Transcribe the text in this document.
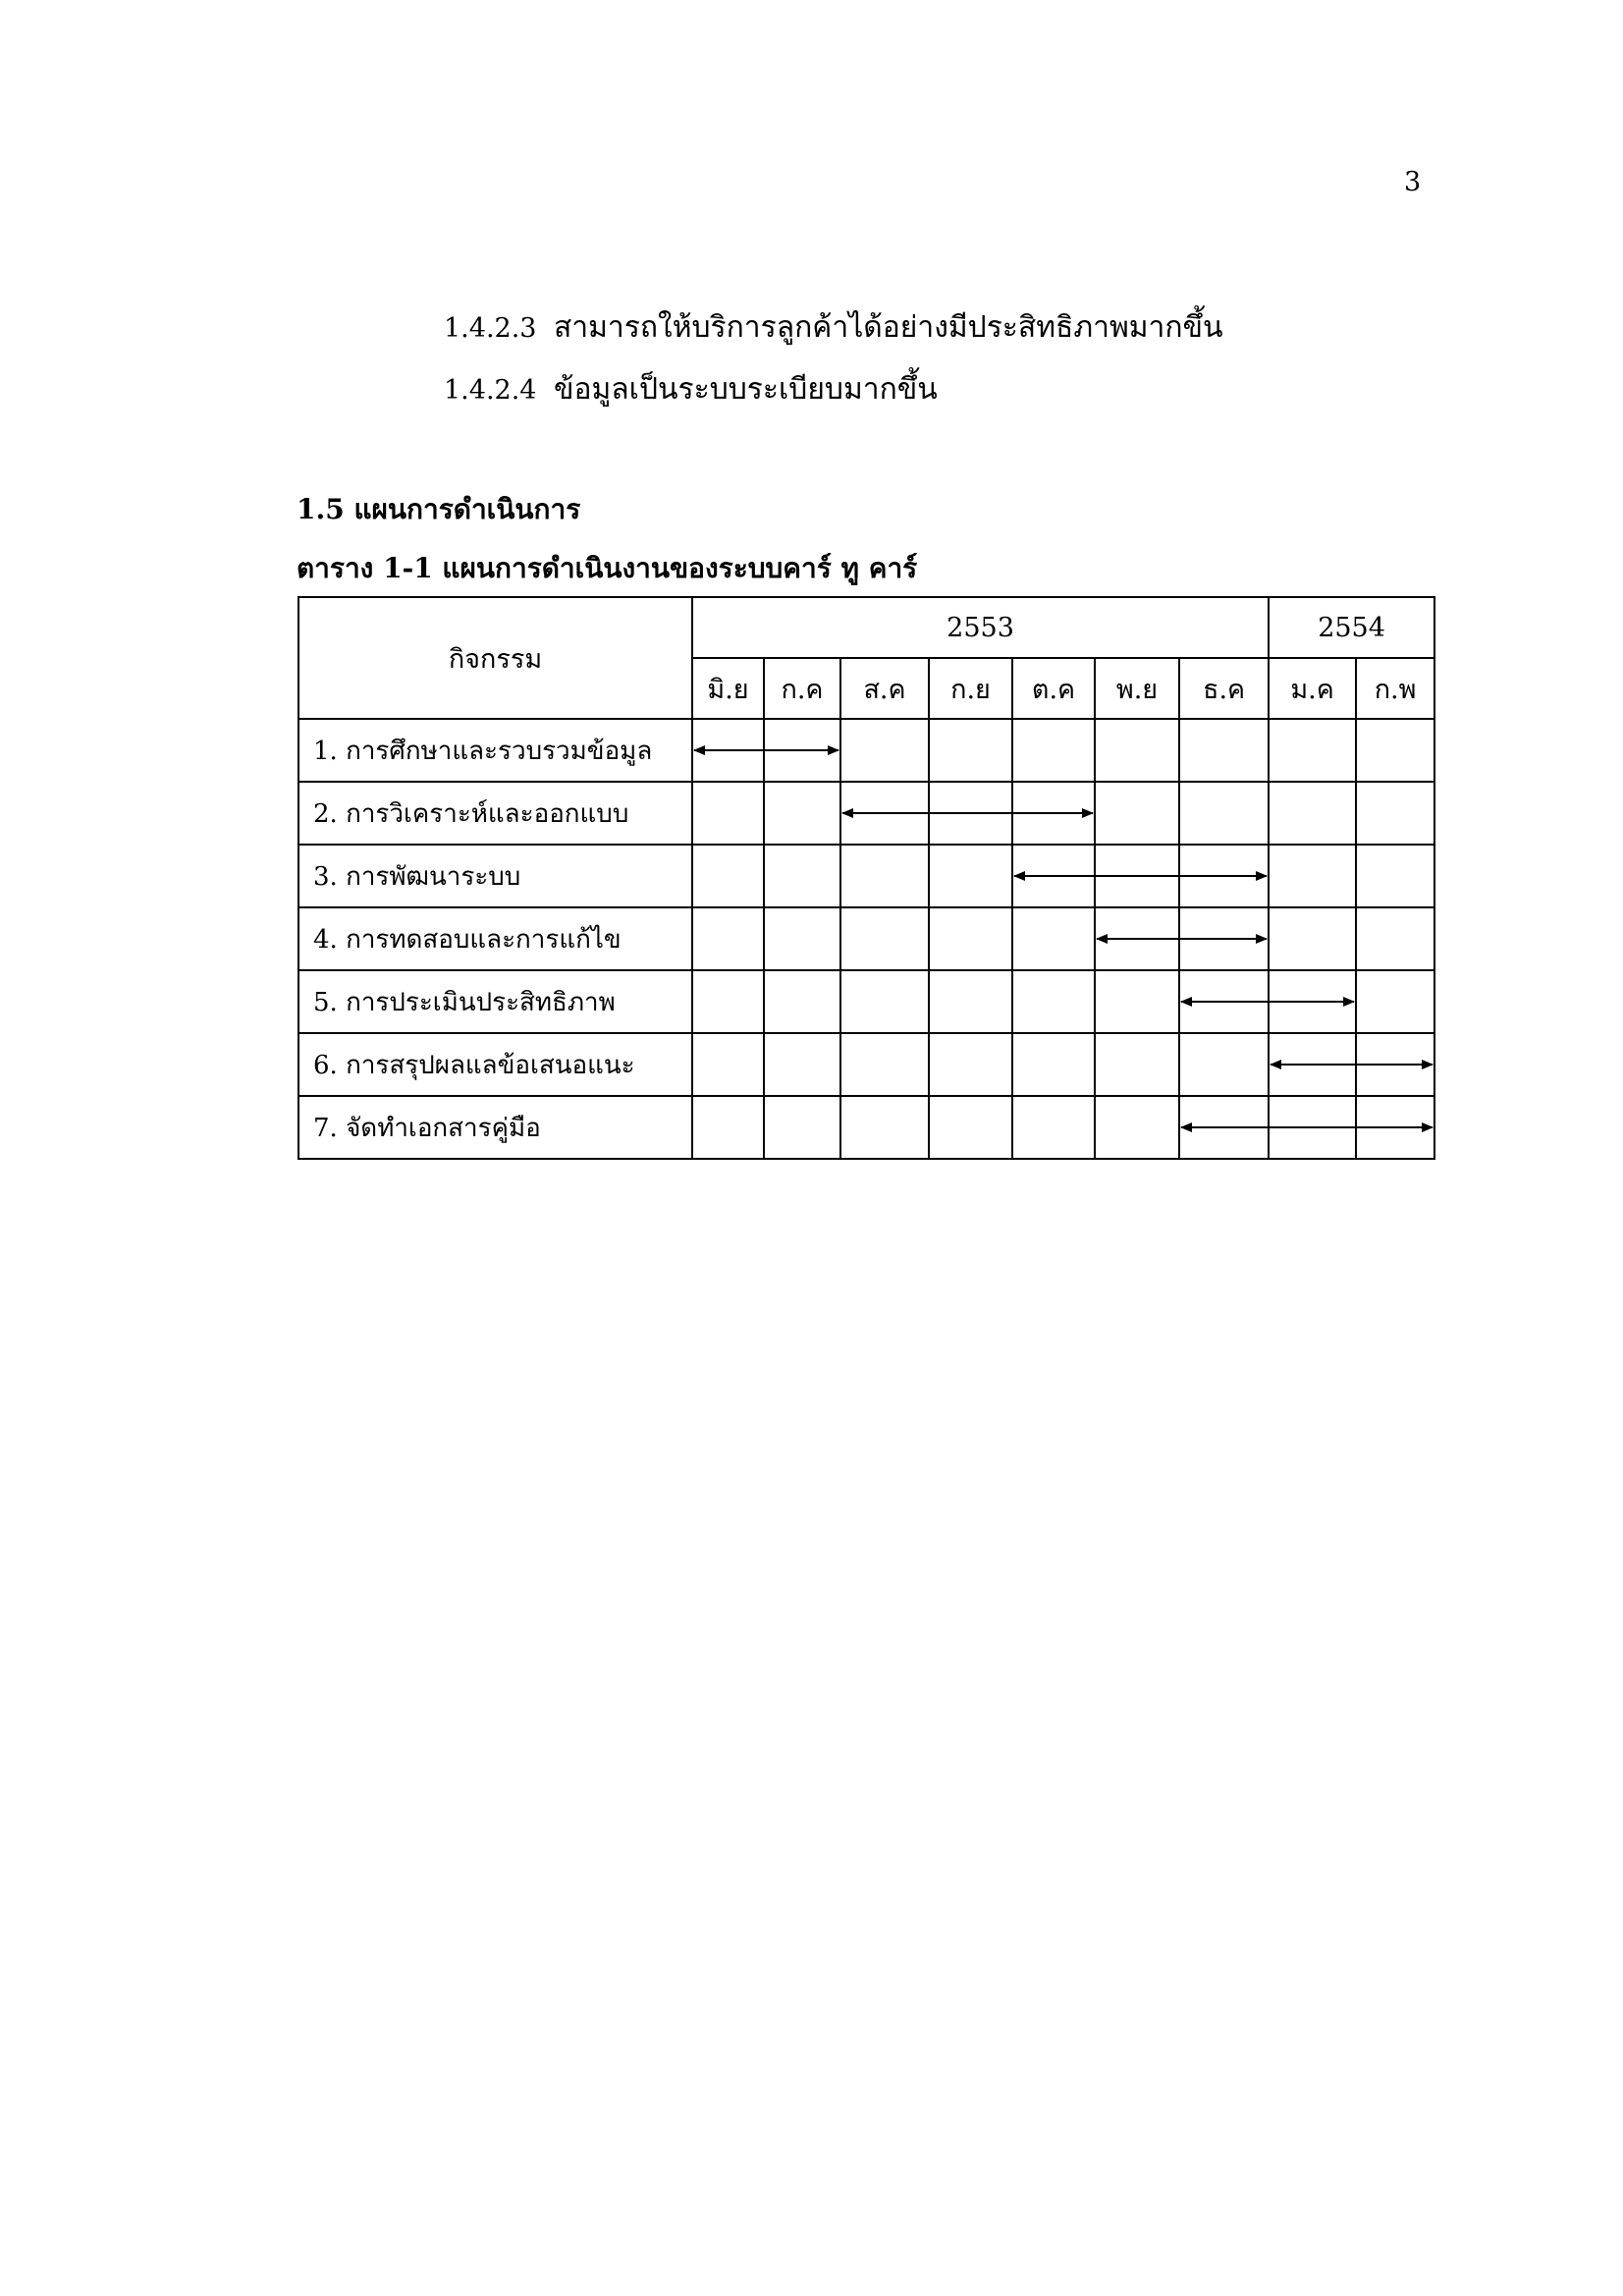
3
1.4.2.3 สามารถให้บริการลูกค้าได้อย่างมีประสิทธิภาพมากขึ้น
1.4.2.4 ข้อมูลเป็นระบบระเบียบมากขึ้น
1.5 แผนการดำเนินการ
ตาราง 1-1 แผนการดำเนินงานของระบบคาร์ ทู คาร์
กิจกรรม	2553							2554	
	มิ.ย	ก.ค	ส.ค	ก.ย	ต.ค	พ.ย	ธ.ค	ม.ค	ก.พ
1. การศึกษาและรวบรวมข้อมูล									
2. การวิเคราะห์และออกแบบ									
3. การพัฒนาระบบ									
4. การทดสอบและการแก้ไข									
5. การประเมินประสิทธิภาพ									
6. การสรุปผลแลข้อเสนอแนะ									
7. จัดทำเอกสารคู่มือ									
